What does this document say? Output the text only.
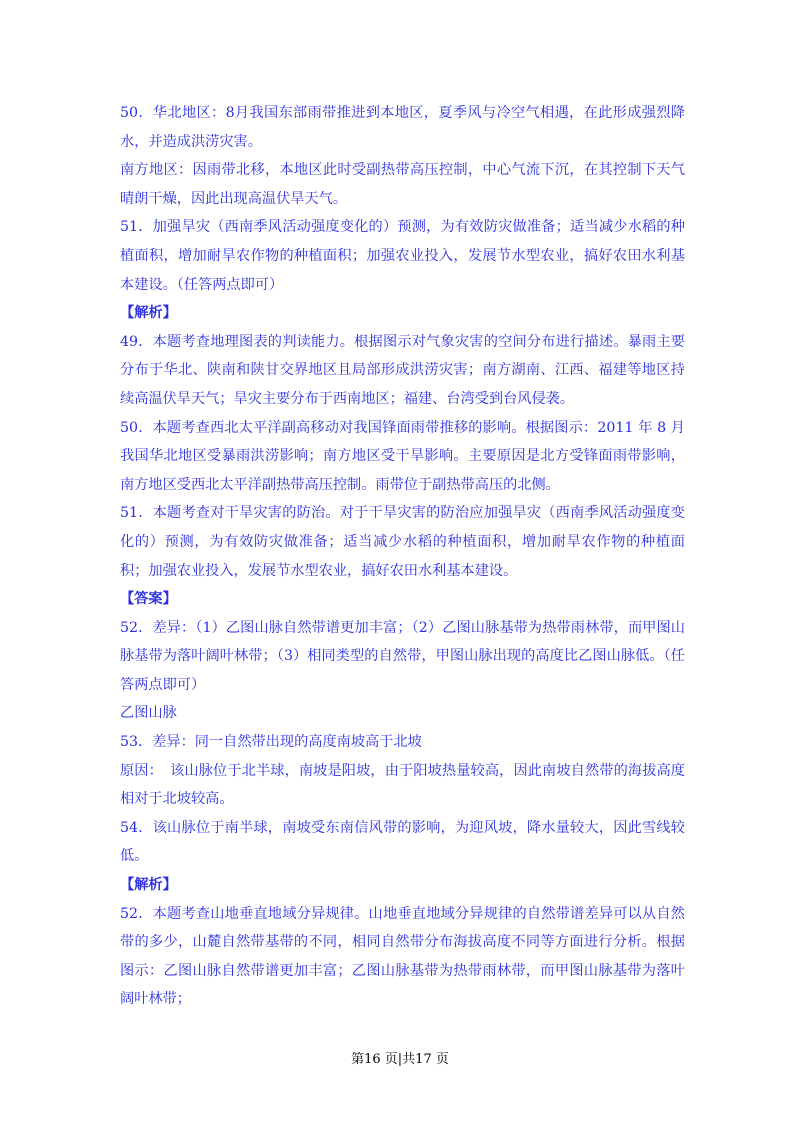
50．华北地区：8月我国东部雨带推进到本地区，夏季风与冷空气相遇，在此形成强烈降水，并造成洪涝灾害。

南方地区：因雨带北移，本地区此时受副热带高压控制，中心气流下沉，在其控制下天气晴朗干燥，因此出现高温伏旱天气。

51．加强旱灾（西南季风活动强度变化的）预测，为有效防灾做准备；适当减少水稻的种植面积，增加耐旱农作物的种植面积；加强农业投入，发展节水型农业，搞好农田水利基本建设。（任答两点即可）

【解析】

49．本题考查地理图表的判读能力。根据图示对气象灾害的空间分布进行描述。暴雨主要分布于华北、陕南和陕甘交界地区且局部形成洪涝灾害；南方湖南、江西、福建等地区持续高温伏旱天气；旱灾主要分布于西南地区；福建、台湾受到台风侵袭。

50．本题考查西北太平洋副高移动对我国锋面雨带推移的影响。根据图示：2011 年 8 月我国华北地区受暴雨洪涝影响；南方地区受干旱影响。主要原因是北方受锋面雨带影响，南方地区受西北太平洋副热带高压控制。雨带位于副热带高压的北侧。

51．本题考查对干旱灾害的防治。对于干旱灾害的防治应加强旱灾（西南季风活动强度变化的）预测，为有效防灾做准备；适当减少水稻的种植面积，增加耐旱农作物的种植面积；加强农业投入，发展节水型农业，搞好农田水利基本建设。

【答案】

52．差异：（1）乙图山脉自然带谱更加丰富；（2）乙图山脉基带为热带雨林带，而甲图山脉基带为落叶阔叶林带；（3）相同类型的自然带，甲图山脉出现的高度比乙图山脉低。（任答两点即可）

乙图山脉

53．差异：同一自然带出现的高度南坡高于北坡

原因：　该山脉位于北半球，南坡是阳坡，由于阳坡热量较高，因此南坡自然带的海拔高度相对于北坡较高。

54．该山脉位于南半球，南坡受东南信风带的影响，为迎风坡，降水量较大，因此雪线较低。

【解析】

52．本题考查山地垂直地域分异规律。山地垂直地域分异规律的自然带谱差异可以从自然带的多少，山麓自然带基带的不同，相同自然带分布海拔高度不同等方面进行分析。根据图示：乙图山脉自然带谱更加丰富；乙图山脉基带为热带雨林带，而甲图山脉基带为落叶阔叶林带；

第16 页|共17 页
